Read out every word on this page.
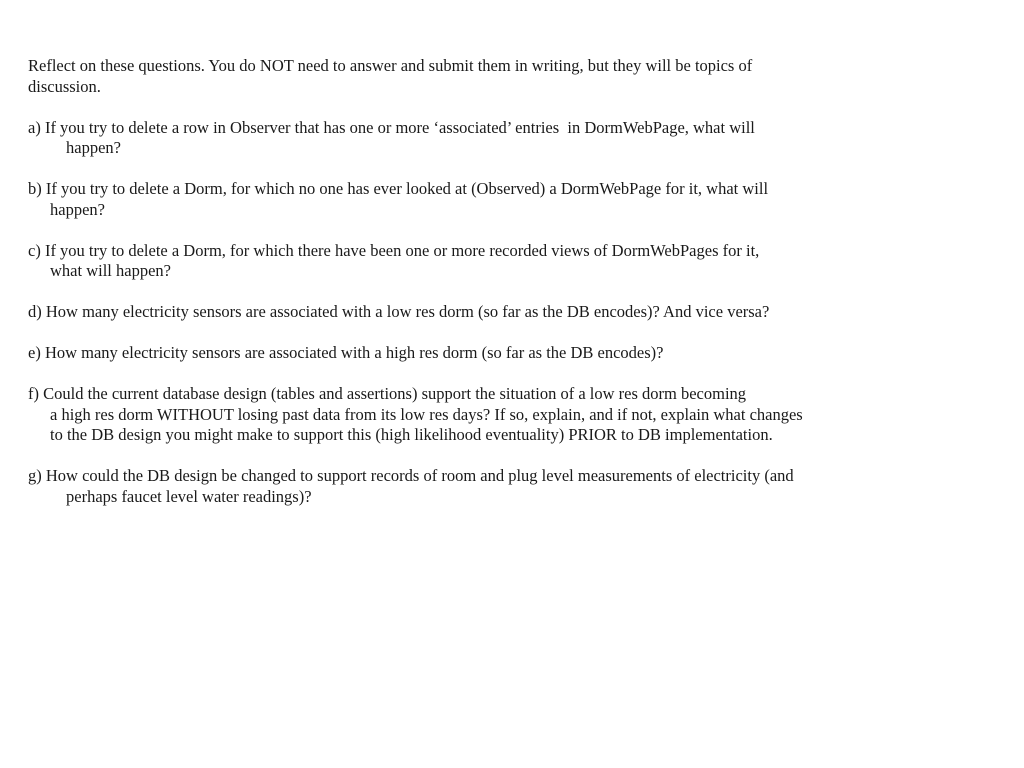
Reflect on these questions. You do NOT need to answer and submit them in writing, but they will be topics of
discussion.
a) If you try to delete a row in Observer that has one or more ‘associated’ entries  in DormWebPage, what will
happen?
b) If you try to delete a Dorm, for which no one has ever looked at (Observed) a DormWebPage for it, what will
happen?
c) If you try to delete a Dorm, for which there have been one or more recorded views of DormWebPages for it,
what will happen?
d) How many electricity sensors are associated with a low res dorm (so far as the DB encodes)? And vice versa?
e) How many electricity sensors are associated with a high res dorm (so far as the DB encodes)?
f) Could the current database design (tables and assertions) support the situation of a low res dorm becoming
a high res dorm WITHOUT losing past data from its low res days? If so, explain, and if not, explain what changes
to the DB design you might make to support this (high likelihood eventuality) PRIOR to DB implementation.
g) How could the DB design be changed to support records of room and plug level measurements of electricity (and
perhaps faucet level water readings)?
